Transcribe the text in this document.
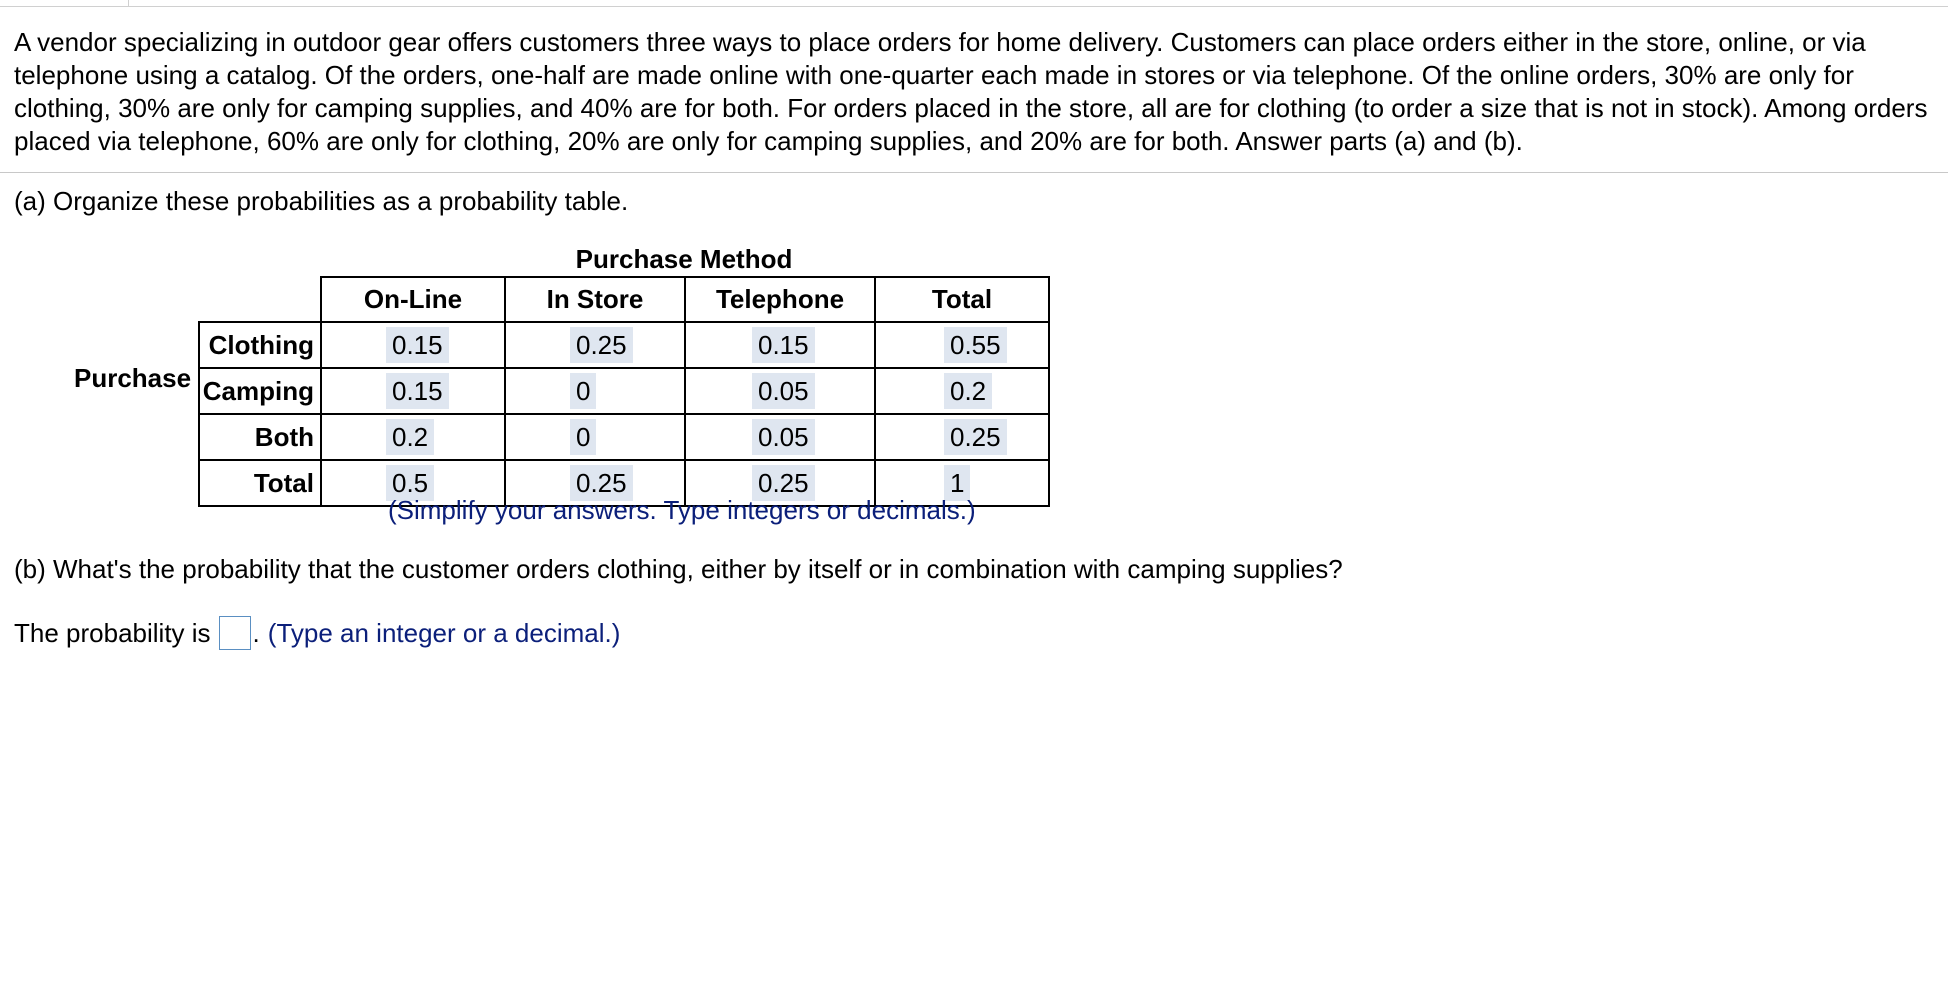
A vendor specializing in outdoor gear offers customers three ways to place orders for home delivery. Customers can place orders either in the store, online, or via telephone using a catalog. Of the orders, one-half are made online with one-quarter each made in stores or via telephone. Of the online orders, 30% are only for clothing, 30% are only for camping supplies, and 40% are for both. For orders placed in the store, all are for clothing (to order a size that is not in stock). Among orders placed via telephone, 60% are only for clothing, 20% are only for camping supplies, and 20% are for both. Answer parts (a) and (b).
(a) Organize these probabilities as a probability table.
Purchase Method
Purchase
	On-Line	In Store	Telephone	Total
Clothing	0.15	0.25	0.15	0.55
Camping	0.15	0	0.05	0.2
Both	0.2	0	0.05	0.25
Total	0.5	0.25	0.25	1
(Simplify your answers. Type integers or decimals.)
(b) What's the probability that the customer orders clothing, either by itself or in combination with camping supplies?
The probability is . (Type an integer or a decimal.)
